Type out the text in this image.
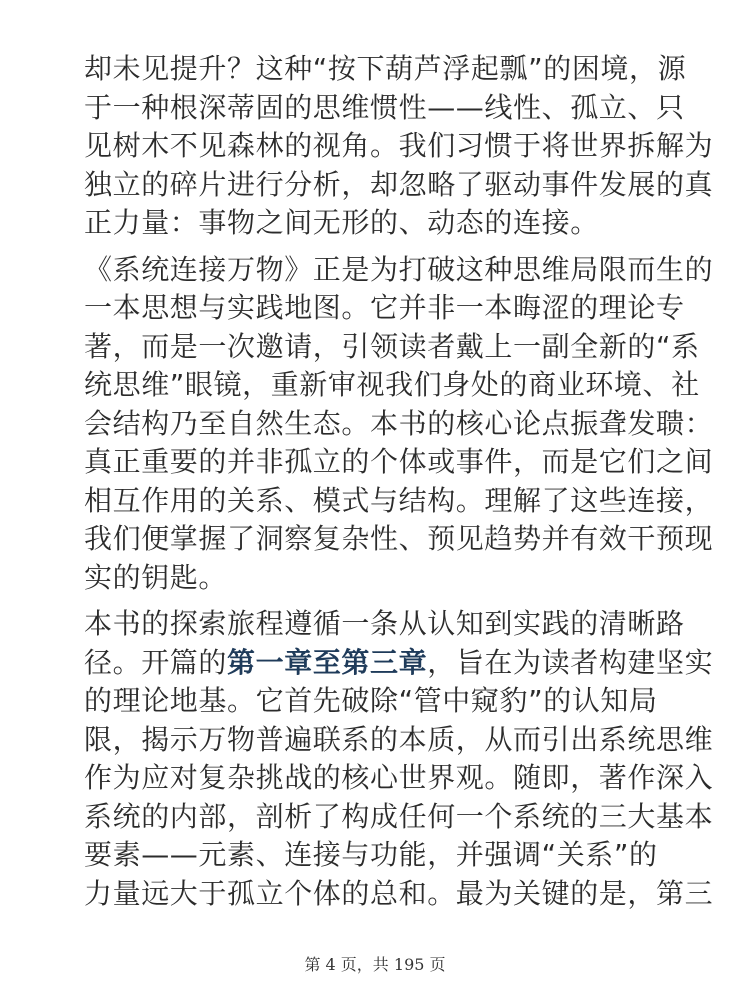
却未见提升？这种“按下葫芦浮起瓢”的困境，源
于一种根深蒂固的思维惯性——线性、孤立、只
见树木不见森林的视角。我们习惯于将世界拆解为
独立的碎片进行分析，却忽略了驱动事件发展的真
正力量：事物之间无形的、动态的连接。

《系统连接万物》正是为打破这种思维局限而生的
一本思想与实践地图。它并非一本晦涩的理论专
著，而是一次邀请，引领读者戴上一副全新的“系
统思维”眼镜，重新审视我们身处的商业环境、社
会结构乃至自然生态。本书的核心论点振聋发聩：
真正重要的并非孤立的个体或事件，而是它们之间
相互作用的关系、模式与结构。理解了这些连接，
我们便掌握了洞察复杂性、预见趋势并有效干预现
实的钥匙。

本书的探索旅程遵循一条从认知到实践的清晰路
径。开篇的第一章至第三章，旨在为读者构建坚实
的理论地基。它首先破除“管中窥豹”的认知局
限，揭示万物普遍联系的本质，从而引出系统思维
作为应对复杂挑战的核心世界观。随即，著作深入
系统的内部，剖析了构成任何一个系统的三大基本
要素——元素、连接与功能，并强调“关系”的
力量远大于孤立个体的总和。最为关键的是，第三

第 4 页，共 195 页
